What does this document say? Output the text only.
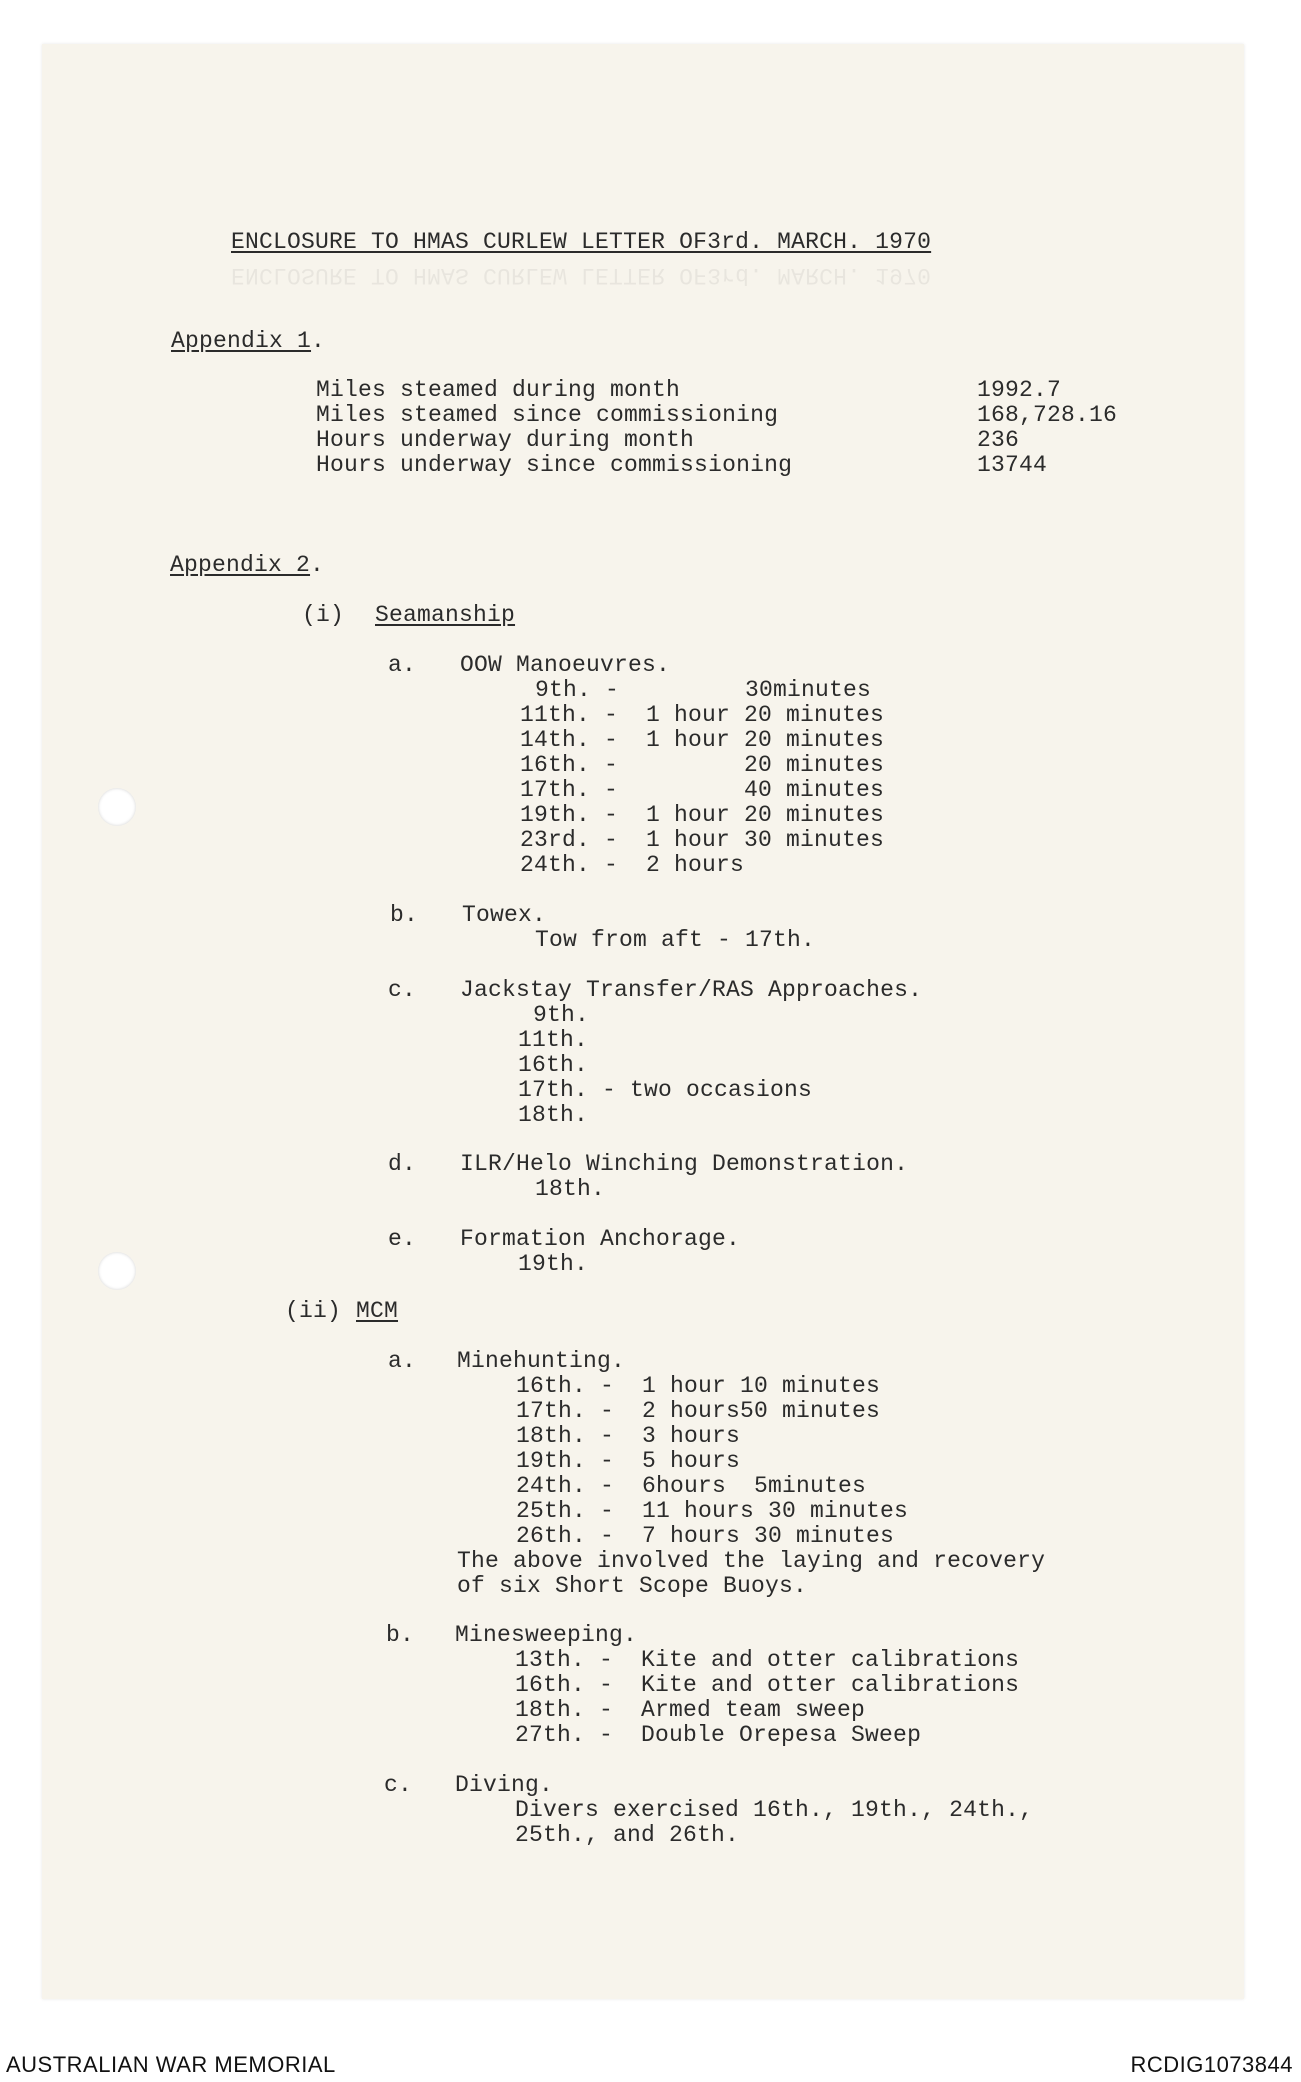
ENCLOSURE TO HMAS CURLEW LETTER OF3rd. MARCH. 1970
ENCLOSURE TO HMAS CURLEW LETTER OF3rd. MARCH. 1970
Appendix 1.
Miles steamed during month	1992.7
Miles steamed since commissioning	168,728.16
Hours underway during month	236
Hours underway since commissioning	13744
Appendix 2.
(i) Seamanship
a. OOW Manoeuvres.
9th. -         30minutes
11th. -  1 hour 20 minutes
14th. -  1 hour 20 minutes
16th. -         20 minutes
17th. -         40 minutes
19th. -  1 hour 20 minutes
23rd. -  1 hour 30 minutes
24th. -  2 hours
b. Towex.
Tow from aft - 17th.
c. Jackstay Transfer/RAS Approaches.
9th.
11th.
16th.
17th. - two occasions
18th.
d. ILR/Helo Winching Demonstration.
18th.
e. Formation Anchorage.
19th.
(ii) MCM
a. Minehunting.
16th. -  1 hour 10 minutes
17th. -  2 hours50 minutes
18th. -  3 hours
19th. -  5 hours
24th. -  6hours  5minutes
25th. -  11 hours 30 minutes
26th. -  7 hours 30 minutes
The above involved the laying and recovery
of six Short Scope Buoys.
b. Minesweeping.
13th. -  Kite and otter calibrations
16th. -  Kite and otter calibrations
18th. -  Armed team sweep
27th. -  Double Orepesa Sweep
c. Diving.
Divers exercised 16th., 19th., 24th.,
25th., and 26th.
AUSTRALIAN WAR MEMORIAL	RCDIG1073844
